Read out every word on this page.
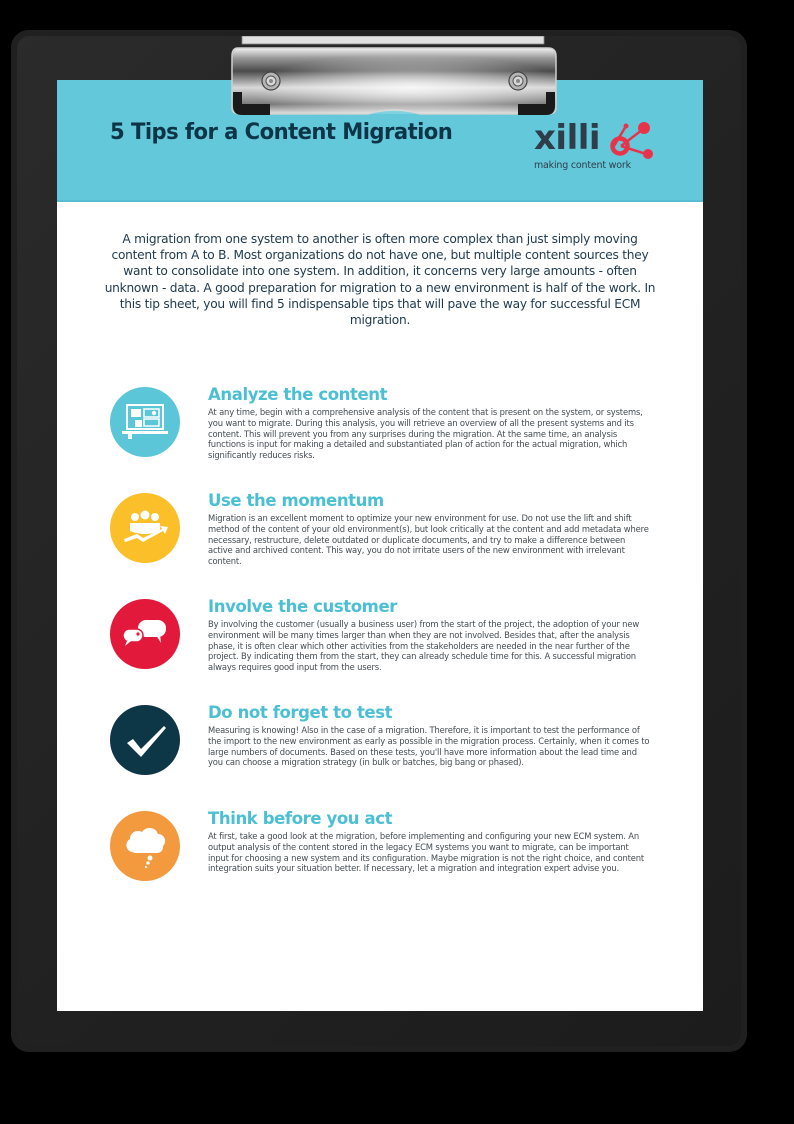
5 Tips for a Content Migration xilli
making content work
A migration from one system to another is often more complex than just simply moving content from A to B. Most organizations do not have one, but multiple content sources they want to consolidate into one system. In addition, it concerns very large amounts - often unknown - data. A good preparation for migration to a new environment is half of the work. In this tip sheet, you will find 5 indispensable tips that will pave the way for successful ECM migration.
Analyze the content
At any time, begin with a comprehensive analysis of the content that is present on the system, or systems, you want to migrate. During this analysis, you will retrieve an overview of all the present systems and its content. This will prevent you from any surprises during the migration. At the same time, an analysis functions is input for making a detailed and substantiated plan of action for the actual migration, which significantly reduces risks.
Use the momentum
Migration is an excellent moment to optimize your new environment for use. Do not use the lift and shift method of the content of your old environment(s), but look critically at the content and add metadata where necessary, restructure, delete outdated or duplicate documents, and try to make a difference between active and archived content. This way, you do not irritate users of the new environment with irrelevant content.
Involve the customer
By involving the customer (usually a business user) from the start of the project, the adoption of your new environment will be many times larger than when they are not involved. Besides that, after the analysis phase, it is often clear which other activities from the stakeholders are needed in the near further of the project. By indicating them from the start, they can already schedule time for this. A successful migration always requires good input from the users.
Do not forget to test
Measuring is knowing! Also in the case of a migration. Therefore, it is important to test the performance of the import to the new environment as early as possible in the migration process. Certainly, when it comes to large numbers of documents. Based on these tests, you'll have more information about the lead time and you can choose a migration strategy (in bulk or batches, big bang or phased).
Think before you act
At first, take a good look at the migration, before implementing and configuring your new ECM system. An output analysis of the content stored in the legacy ECM systems you want to migrate, can be important input for choosing a new system and its configuration. Maybe migration is not the right choice, and content integration suits your situation better. If necessary, let a migration and integration expert advise you.
